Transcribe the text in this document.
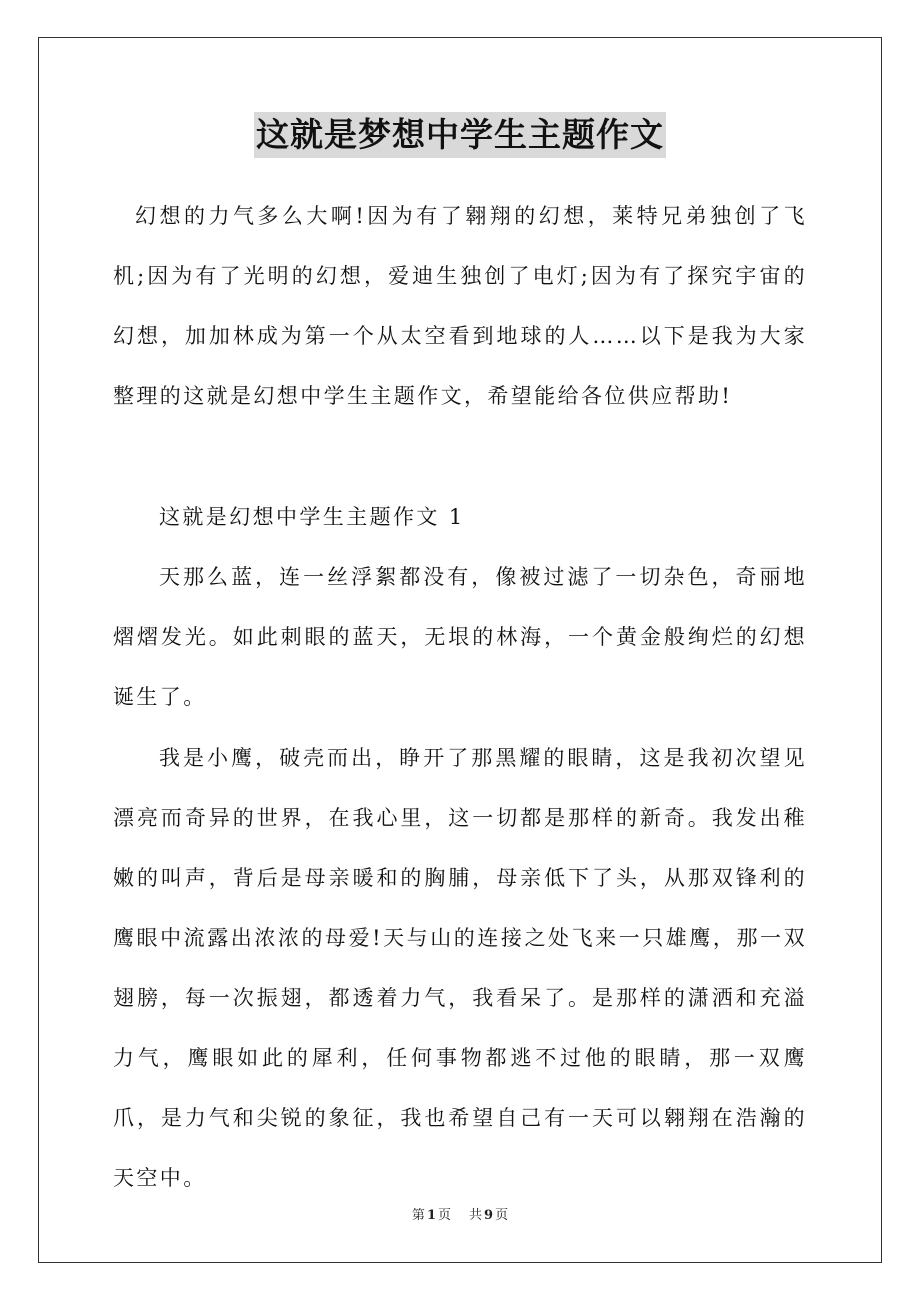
这就是梦想中学生主题作文

幻想的力气多么大啊!因为有了翱翔的幻想，莱特兄弟独创了飞机;因为有了光明的幻想，爱迪生独创了电灯;因为有了探究宇宙的幻想，加加林成为第一个从太空看到地球的人……以下是我为大家整理的这就是幻想中学生主题作文，希望能给各位供应帮助!

这就是幻想中学生主题作文 1

天那么蓝，连一丝浮絮都没有，像被过滤了一切杂色，奇丽地熠熠发光。如此刺眼的蓝天，无垠的林海，一个黄金般绚烂的幻想诞生了。

我是小鹰，破壳而出，睁开了那黑耀的眼睛，这是我初次望见漂亮而奇异的世界，在我心里，这一切都是那样的新奇。我发出稚嫩的叫声，背后是母亲暖和的胸脯，母亲低下了头，从那双锋利的鹰眼中流露出浓浓的母爱!天与山的连接之处飞来一只雄鹰，那一双翅膀，每一次振翅，都透着力气，我看呆了。是那样的潇洒和充溢力气，鹰眼如此的犀利，任何事物都逃不过他的眼睛，那一双鹰爪，是力气和尖锐的象征，我也希望自己有一天可以翱翔在浩瀚的天空中。

第 1 页 共 9 页
